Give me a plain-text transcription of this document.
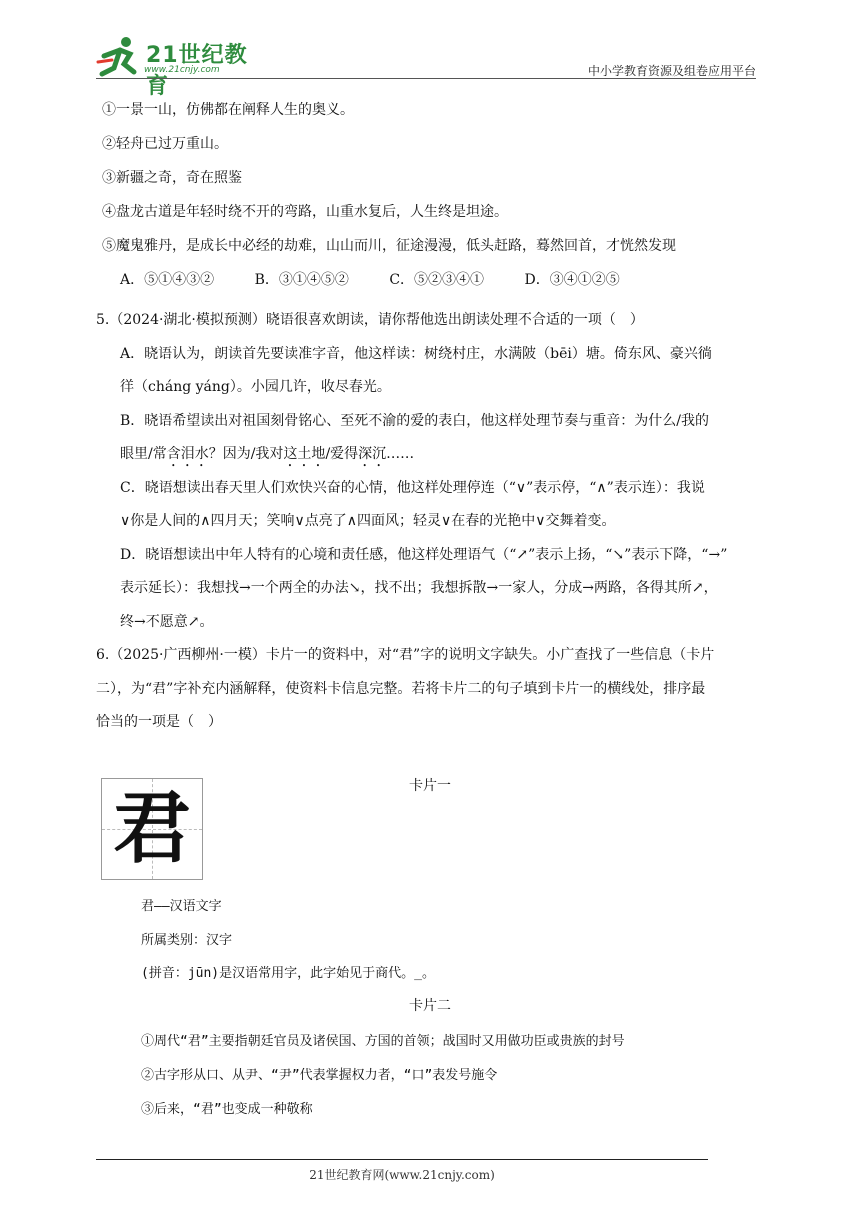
21世纪教育
www.21cnjy.com	中小学教育资源及组卷应用平台
①一景一山，仿佛都在阐释人生的奥义。
②轻舟已过万重山。
③新疆之奇，奇在照鉴
④盘龙古道是年轻时绕不开的弯路，山重水复后，人生终是坦途。
⑤魔鬼雅丹，是成长中必经的劫难，山山而川，征途漫漫，低头赶路，蓦然回首，才恍然发现
A．⑤①④③②	B．③①④⑤②	C．⑤②③④①	D．③④①②⑤
5.（2024·湖北·模拟预测）晓语很喜欢朗读，请你帮他选出朗读处理不合适的一项（　）
A．晓语认为，朗读首先要读准字音，他这样读：树绕村庄，水满陂（bēi）塘。倚东风、豪兴徜
徉（cháng yáng）。小园几许，收尽春光。
B．晓语希望读出对祖国刻骨铭心、至死不渝的爱的表白，他这样处理节奏与重音：为什么/我的
眼里/常含泪水？因为/我对这土地/爱得深沉……
C．晓语想读出春天里人们欢快兴奋的心情，他这样处理停连（“∨”表示停，“∧”表示连）：我说
∨你是人间的∧四月天；笑响∨点亮了∧四面风；轻灵∨在春的光艳中∨交舞着变。
D．晓语想读出中年人特有的心境和责任感，他这样处理语气（“↗”表示上扬，“↘”表示下降，“→”
表示延长）：我想找→一个两全的办法↘，找不出；我想拆散→一家人，分成→两路，各得其所↗，
终→不愿意↗。
6.（2025·广西柳州·一模）卡片一的资料中，对“君”字的说明文字缺失。小广查找了一些信息（卡片
二），为“君”字补充内涵解释，使资料卡信息完整。若将卡片二的句子填到卡片一的横线处，排序最
恰当的一项是（　）
卡片一
君
君——汉语文字
所属类别：汉字
(拼音：jūn)是汉语常用字，此字始见于商代。_。
卡片二
①周代“君”主要指朝廷官员及诸侯国、方国的首领；战国时又用做功臣或贵族的封号
②古字形从口、从尹、“尹”代表掌握权力者，“口”表发号施令
③后来，“君”也变成一种敬称
21世纪教育网(www.21cnjy.com)
